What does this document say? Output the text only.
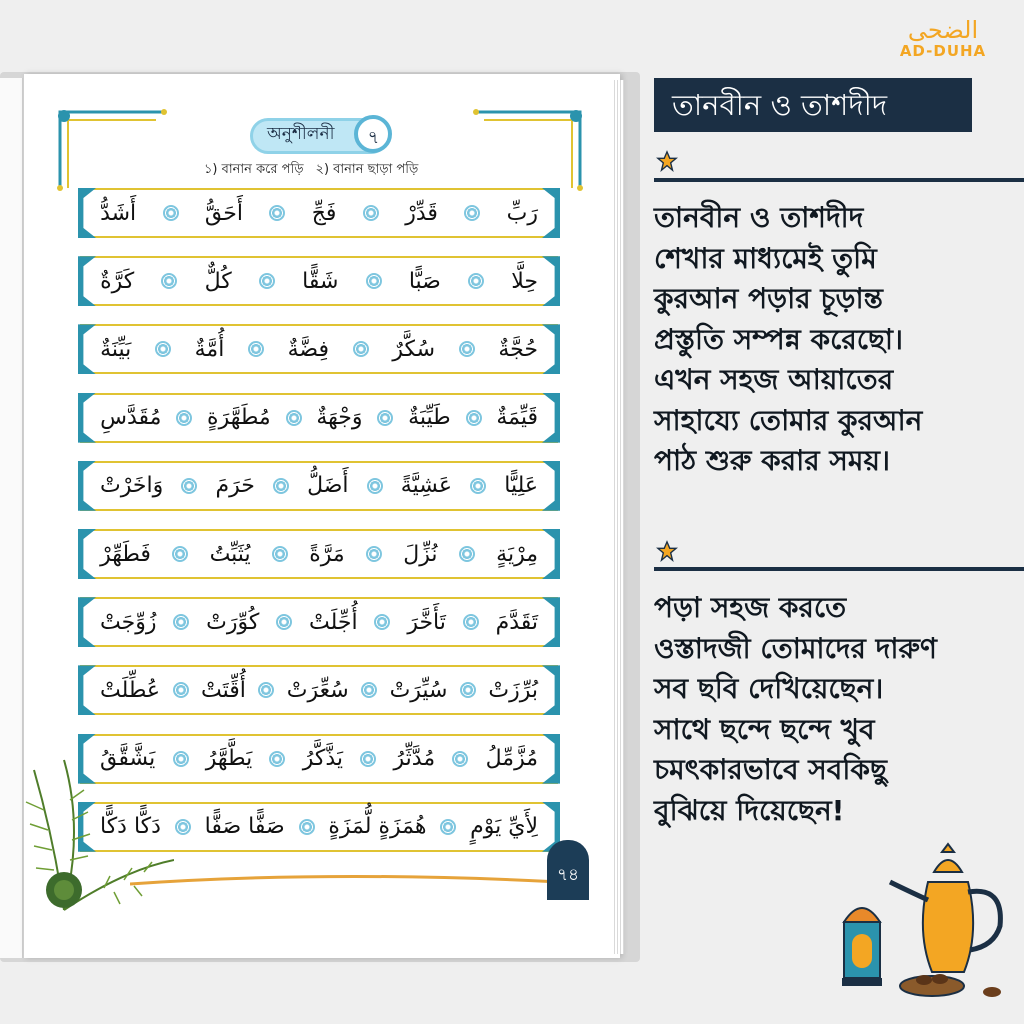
অনুশীলনী	৭
১) বানান করে পড়ি ২) বানান ছাড়া পড়ি
رَبِّ
قَدِّرْ
فَجِّ
أَحَقُّ
أَشَدُّ
حِلَّا
صَبًّا
شَقًّا
كُلٌّ
كَرَّةٌ
حُجَّةٌ
سُكَّرٌ
فِضَّةٌ
أُمَّةٌ
بَيِّنَةٌ
قَيِّمَةٌ
طَيِّبَةٌ
وَجْهَةٌ
مُطَهَّرَةٍ
مُقَدَّسِ
عَلِيًّا
عَشِيَّةً
أَضَلُّ
حَرَمَ
وَاخَرْتْ
مِرْيَةٍ
نُزِّلَ
مَرَّةً
يُثَبِّتُ
فَطَهِّرْ
تَقَدَّمَ
تَأَخَّرَ
أُجِّلَتْ
كُوِّرَتْ
زُوِّجَتْ
بُرِّزَتْ
سُيِّرَتْ
سُعِّرَتْ
أُقِّتَتْ
عُطِّلَتْ
مُزَّمِّلُ
مُدَّثِّرُ
يَذَّكَّرُ
يَطَّهَّرُ
يَشَّقَّقُ
لِأَيِّ يَوْمٍ
هُمَزَةٍ لُّمَزَةٍ
صَفًّا صَفًّا
دَكًّا دَكًّا
৭৪
الضحى
AD-DUHA
তানবীন ও তাশদীদ
তানবীন ও তাশদীদ
শেখার মাধ্যমেই তুমি
কুরআন পড়ার চূড়ান্ত
প্রস্তুতি সম্পন্ন করেছো।
এখন সহজ আয়াতের
সাহায্যে তোমার কুরআন
পাঠ শুরু করার সময়।
পড়া সহজ করতে
ওস্তাদজী তোমাদের দারুণ
সব ছবি দেখিয়েছেন।
সাথে ছন্দে ছন্দে খুব
চমৎকারভাবে সবকিছু
বুঝিয়ে দিয়েছেন!
